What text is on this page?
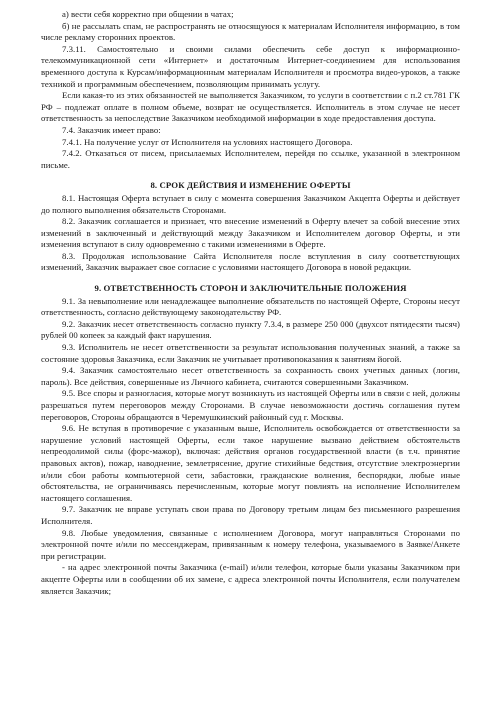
а) вести себя корректно при общении в чатах;

б) не рассылать спам, не распространять не относящуюся к материалам Исполнителя информацию, в том числе рекламу сторонних проектов.

7.3.11. Самостоятельно и своими силами обеспечить себе доступ к информационно-телекоммуникационной сети «Интернет» и достаточным Интернет-соединением для использования временного доступа к Курсам/информационным материалам Исполнителя и просмотра видео-уроков, а также техникой и программным обеспечением, позволяющим принимать услугу.

Если какая-то из этих обязанностей не выполняется Заказчиком, то услуги в соответствии с п.2 ст.781 ГК РФ – подлежат оплате в полном объеме, возврат не осуществляется. Исполнитель в этом случае не несет ответственность за непоследствие Заказчиком необходимой информации в ходе предоставления доступа.

7.4. Заказчик имеет право:

7.4.1. На получение услуг от Исполнителя на условиях настоящего Договора.

7.4.2. Отказаться от писем, присылаемых Исполнителем, перейдя по ссылке, указанной в электронном письме.

8. СРОК ДЕЙСТВИЯ И ИЗМЕНЕНИЕ ОФЕРТЫ

8.1. Настоящая Оферта вступает в силу с момента совершения Заказчиком Акцепта Оферты и действует до полного выполнения обязательств Сторонами.

8.2. Заказчик соглашается и признает, что внесение изменений в Оферту влечет за собой внесение этих изменений в заключенный и действующий между Заказчиком и Исполнителем договор Оферты, и эти изменения вступают в силу одновременно с такими изменениями в Оферте.

8.3. Продолжая использование Сайта Исполнителя после вступления в силу соответствующих изменений, Заказчик выражает свое согласие с условиями настоящего Договора в новой редакции.

9. ОТВЕТСТВЕННОСТЬ СТОРОН И ЗАКЛЮЧИТЕЛЬНЫЕ ПОЛОЖЕНИЯ

9.1. За невыполнение или ненадлежащее выполнение обязательств по настоящей Оферте, Стороны несут ответственность, согласно действующему законодательству РФ.

9.2. Заказчик несет ответственность согласно пункту 7.3.4, в размере 250 000 (двухсот пятидесяти тысяч) рублей 00 копеек за каждый факт нарушения.

9.3. Исполнитель не несет ответственности за результат использования полученных знаний, а также за состояние здоровья Заказчика, если Заказчик не учитывает противопоказания к занятиям йогой.

9.4. Заказчик самостоятельно несет ответственность за сохранность своих учетных данных (логин, пароль). Все действия, совершенные из Личного кабинета, считаются совершенными Заказчиком.

9.5. Все споры и разногласия, которые могут возникнуть из настоящей Оферты или в связи с ней, должны разрешаться путем переговоров между Сторонами. В случае невозможности достичь соглашения путем переговоров, Стороны обращаются в Черемушкинский районный суд г. Москвы.

9.6. Не вступая в противоречие с указанным выше, Исполнитель освобождается от ответственности за нарушение условий настоящей Оферты, если такое нарушение вызвано действием обстоятельств непреодолимой силы (форс-мажор), включая: действия органов государственной власти (в т.ч. принятие правовых актов), пожар, наводнение, землетрясение, другие стихийные бедствия, отсутствие электроэнергии и/или сбои работы компьютерной сети, забастовки, гражданские волнения, беспорядки, любые иные обстоятельства, не ограничиваясь перечисленным, которые могут повлиять на исполнение Исполнителем настоящего соглашения.

9.7. Заказчик не вправе уступать свои права по Договору третьим лицам без письменного разрешения Исполнителя.

9.8. Любые уведомления, связанные с исполнением Договора, могут направляться Сторонами по электронной почте и/или по мессенджерам, привязанным к номеру телефона, указываемого в Заявке/Анкете при регистрации.

- на адрес электронной почты Заказчика (e-mail) и/или телефон, которые были указаны Заказчиком при акцепте Оферты или в сообщении об их замене, с адреса электронной почты Исполнителя, если получателем является Заказчик;
